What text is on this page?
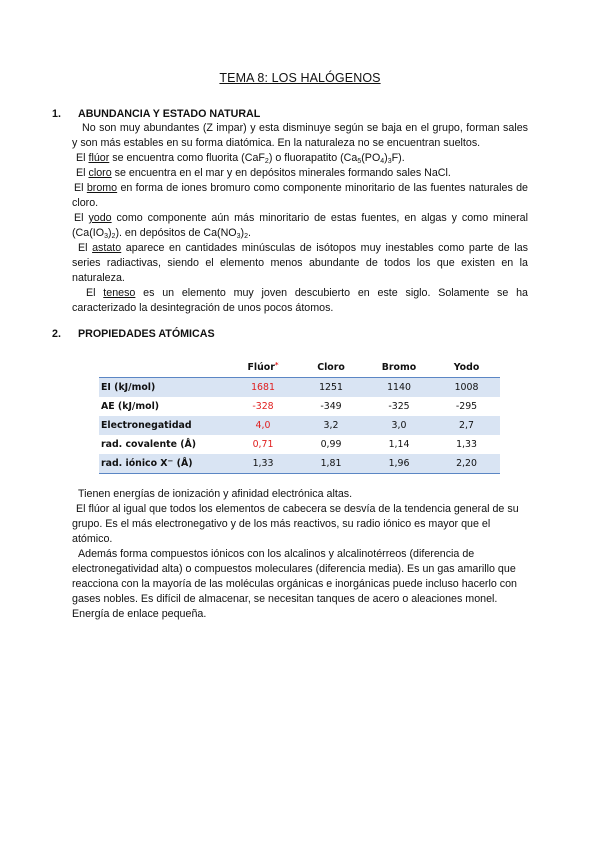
TEMA 8: LOS HALÓGENOS
1. ABUNDANCIA Y ESTADO NATURAL

No son muy abundantes (Z impar) y esta disminuye según se baja en el grupo, forman sales y son más estables en su forma diatómica. En la naturaleza no se encuentran sueltos.

El flúor se encuentra como fluorita (CaF$_2$) o fluorapatito $(Ca_5(PO_4)_3F)$.

El cloro se encuentra en el mar y en depósitos minerales formando sales NaCl.

El bromo en forma de iones bromuro como componente minoritario de las fuentes naturales de cloro.

El yodo como componente aún más minoritario de estas fuentes, en algas y como mineral $(Ca(IO_3)_2)$. en depósitos de $Ca(NO_3)_2$.

El astato aparece en cantidades minúsculas de isótopos muy inestables como parte de las series radiactivas, siendo el elemento menos abundante de todos los que existen en la naturaleza.

El teneso es un elemento muy joven descubierto en este siglo. Solamente se ha caracterizado la desintegración de unos pocos átomos.

2. PROPIEDADES ATÓMICAS
	Flúor*	Cloro	Bromo	Yodo
EI (kJ/mol)	1681	1251	1140	1008
AE (kJ/mol)	-328	-349	-325	-295
Electronegatidad	4,0	3,2	3,0	2,7
rad. covalente (Å)	0,71	0,99	1,14	1,33
rad. iónico X− (Å)	1,33	1,81	1,96	2,20

Tienen energías de ionización y afinidad electrónica altas.

El flúor al igual que todos los elementos de cabecera se desvía de la tendencia general de su grupo. Es el más electronegativo y de los más reactivos, su radio iónico es mayor que el atómico.

Además forma compuestos iónicos con los alcalinos y alcalinotérreos (diferencia de electronegatividad alta) o compuestos moleculares (diferencia media). Es un gas amarillo que reacciona con la mayoría de las moléculas orgánicas e inorgánicas puede incluso hacerlo con gases nobles. Es difícil de almacenar, se necesitan tanques de acero o aleaciones monel. Energía de enlace pequeña.
